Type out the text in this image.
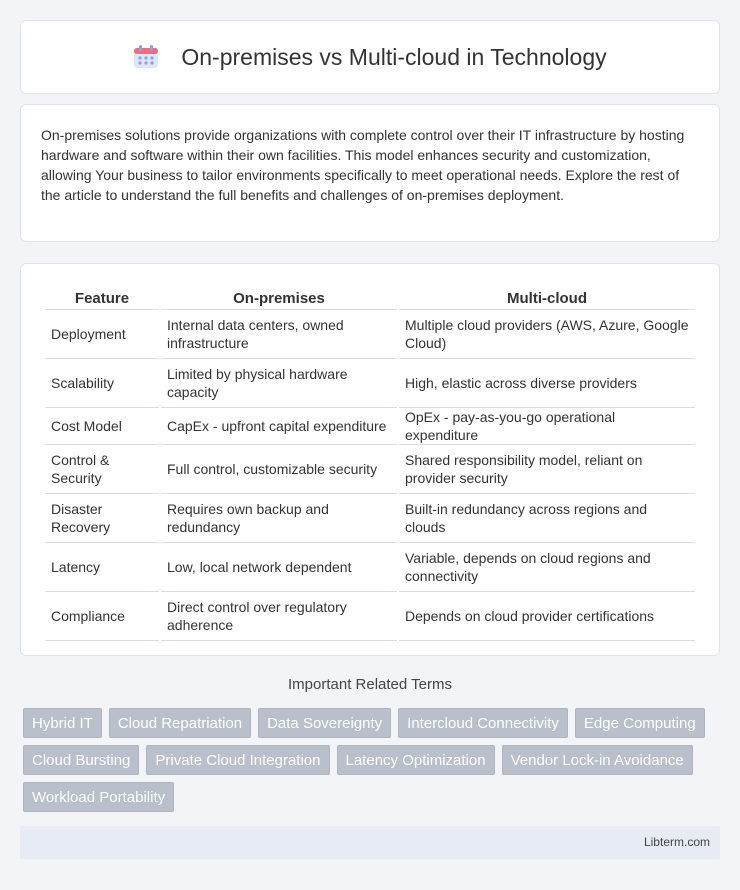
On-premises vs Multi-cloud in Technology

On-premises solutions provide organizations with complete control over their IT infrastructure by hosting hardware and software within their own facilities. This model enhances security and customization, allowing Your business to tailor environments specifically to meet operational needs. Explore the rest of the article to understand the full benefits and challenges of on-premises deployment.

Feature	On-premises	Multi-cloud
Deployment	Internal data centers, owned infrastructure	Multiple cloud providers (AWS, Azure, Google Cloud)
Scalability	Limited by physical hardware capacity	High, elastic across diverse providers
Cost Model	CapEx - upfront capital expenditure	OpEx - pay-as-you-go operational expenditure
Control & Security	Full control, customizable security	Shared responsibility model, reliant on provider security
Disaster Recovery	Requires own backup and redundancy	Built-in redundancy across regions and clouds
Latency	Low, local network dependent	Variable, depends on cloud regions and connectivity
Compliance	Direct control over regulatory adherence	Depends on cloud provider certifications
Important Related Terms
Hybrid IT	Cloud Repatriation	Data Sovereignty	Intercloud Connectivity	Edge Computing
Cloud Bursting	Private Cloud Integration	Latency Optimization	Vendor Lock-in Avoidance
Workload Portability
Libterm.com
